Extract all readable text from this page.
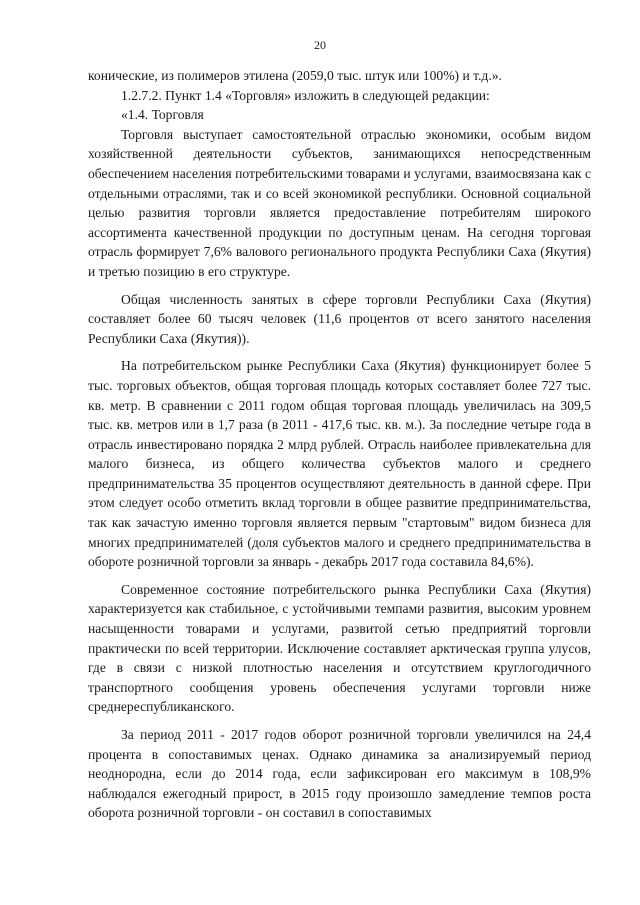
20

конические, из полимеров этилена (2059,0 тыс. штук или 100%) и т.д.».

1.2.7.2. Пункт 1.4 «Торговля» изложить в следующей редакции:

«1.4. Торговля

Торговля выступает самостоятельной отраслью экономики, особым видом хозяйственной деятельности субъектов, занимающихся непосредственным обеспечением населения потребительскими товарами и услугами, взаимосвязана как с отдельными отраслями, так и со всей экономикой республики. Основной социальной целью развития торговли является предоставление потребителям широкого ассортимента качественной продукции по доступным ценам. На сегодня торговая отрасль формирует 7,6% валового регионального продукта Республики Саха (Якутия) и третью позицию в его структуре.

Общая численность занятых в сфере торговли Республики Саха (Якутия) составляет более 60 тысяч человек (11,6 процентов от всего занятого населения Республики Саха (Якутия)).

На потребительском рынке Республики Саха (Якутия) функционирует более 5 тыс. торговых объектов, общая торговая площадь которых составляет более 727 тыс. кв. метр. В сравнении с 2011 годом общая торговая площадь увеличилась на 309,5 тыс. кв. метров или в 1,7 раза (в 2011 - 417,6 тыс. кв. м.). За последние четыре года в отрасль инвестировано порядка 2 млрд рублей. Отрасль наиболее привлекательна для малого бизнеса, из общего количества субъектов малого и среднего предпринимательства 35 процентов осуществляют деятельность в данной сфере. При этом следует особо отметить вклад торговли в общее развитие предпринимательства, так как зачастую именно торговля является первым "стартовым" видом бизнеса для многих предпринимателей (доля субъектов малого и среднего предпринимательства в обороте розничной торговли за январь - декабрь 2017 года составила 84,6%).

Современное состояние потребительского рынка Республики Саха (Якутия) характеризуется как стабильное, с устойчивыми темпами развития, высоким уровнем насыщенности товарами и услугами, развитой сетью предприятий торговли практически по всей территории. Исключение составляет арктическая группа улусов, где в связи с низкой плотностью населения и отсутствием круглогодичного транспортного сообщения уровень обеспечения услугами торговли ниже среднереспубликанского.

За период 2011 - 2017 годов оборот розничной торговли увеличился на 24,4 процента в сопоставимых ценах. Однако динамика за анализируемый период неоднородна, если до 2014 года, если зафиксирован его максимум в 108,9% наблюдался ежегодный прирост, в 2015 году произошло замедление темпов роста оборота розничной торговли - он составил в сопоставимых
